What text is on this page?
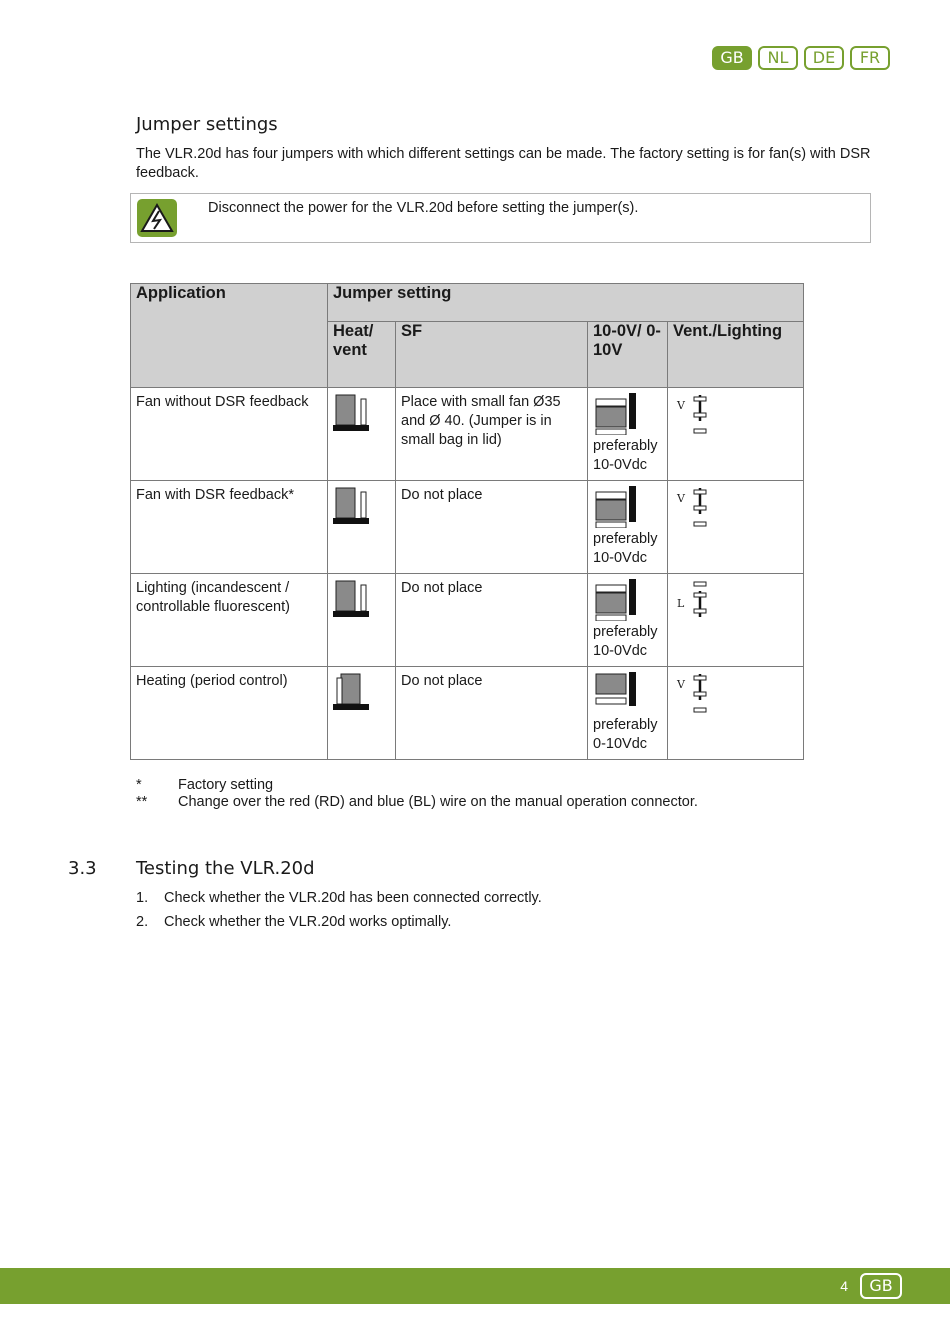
GB	NL	DE	FR
Jumper settings

The VLR.20d has four jumpers with which different settings can be made. The factory setting is for fan(s) with DSR feedback.

Disconnect the power for the VLR.20d before setting the jumper(s).
Application	Jumper setting			
	Heat/ vent	SF	10-0V/ 0-10V	Vent./Lighting
Fan without DSR feedback		Place with small fan Ø35 and Ø 40. (Jumper is in small bag in lid)	preferably 10-0Vdc	V

Fan with DSR feedback*		Do not place	preferably 10-0Vdc	V

Lighting (incandescent / controllable fluorescent)		Do not place	preferably 10-0Vdc	L

Heating (period control)		Do not place	preferably 0-10Vdc	V
*	Factory setting
**	Change over the red (RD) and blue (BL) wire on the manual operation connector.
3.3 Testing the VLR.20d
1.	Check whether the VLR.20d has been connected correctly.
2.	Check whether the VLR.20d works optimally.
4	GB
